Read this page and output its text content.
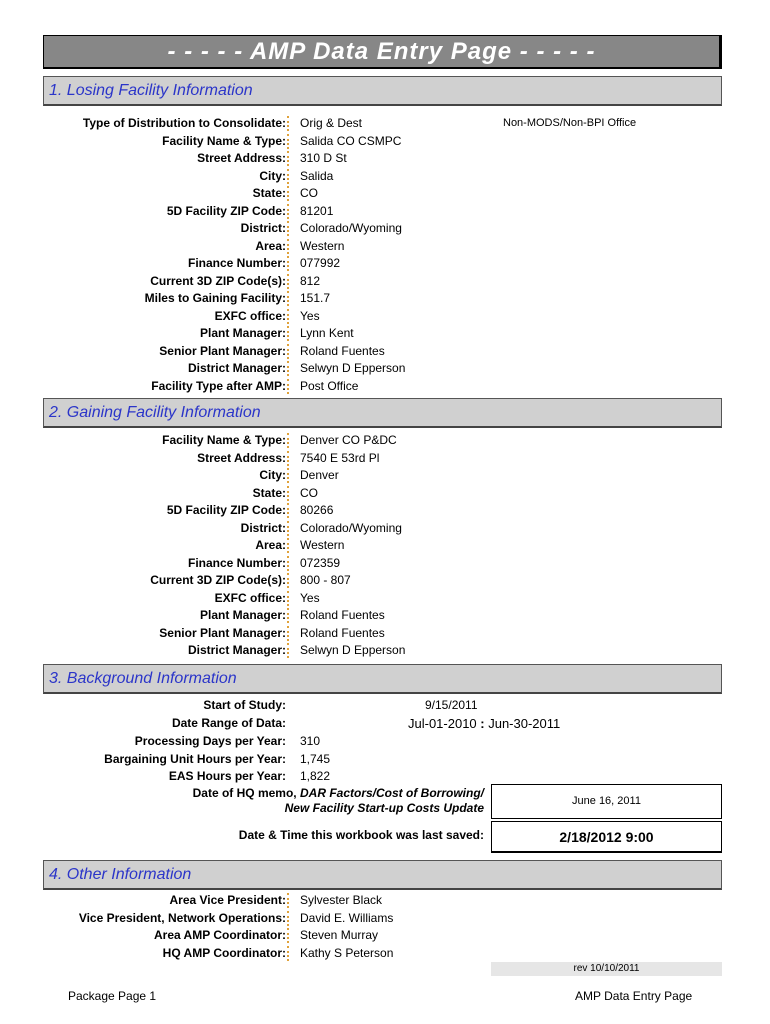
- - - - - AMP Data Entry Page - - - - -
1. Losing Facility Information
Non-MODS/Non-BPI Office
Type of Distribution to Consolidate: Orig & Dest
Facility Name & Type: Salida CO CSMPC
Street Address: 310 D St
City: Salida
State: CO
5D Facility ZIP Code: 81201
District: Colorado/Wyoming
Area: Western
Finance Number: 077992
Current 3D ZIP Code(s): 812
Miles to Gaining Facility: 151.7
EXFC office: Yes
Plant Manager: Lynn Kent
Senior Plant Manager: Roland Fuentes
District Manager: Selwyn D Epperson
Facility Type after AMP: Post Office
2. Gaining Facility Information
Facility Name & Type: Denver CO P&DC
Street Address: 7540 E 53rd Pl
City: Denver
State: CO
5D Facility ZIP Code: 80266
District: Colorado/Wyoming
Area: Western
Finance Number: 072359
Current 3D ZIP Code(s): 800 - 807
EXFC office: Yes
Plant Manager: Roland Fuentes
Senior Plant Manager: Roland Fuentes
District Manager: Selwyn D Epperson
3. Background Information
Start of Study:	9/15/2011
Date Range of Data:	Jul-01-2010 : Jun-30-2011
Processing Days per Year: 310
Bargaining Unit Hours per Year: 1,745
EAS Hours per Year: 1,822
Date of HQ memo, DAR Factors/Cost of Borrowing/
New Facility Start-up Costs Update	June 16, 2011
Date & Time this workbook was last saved:	2/18/2012 9:00
4. Other Information
Area Vice President: Sylvester Black
Vice President, Network Operations: David E. Williams
Area AMP Coordinator: Steven Murray
HQ AMP Coordinator: Kathy S Peterson
rev 10/10/2011
Package Page 1	AMP Data Entry Page
